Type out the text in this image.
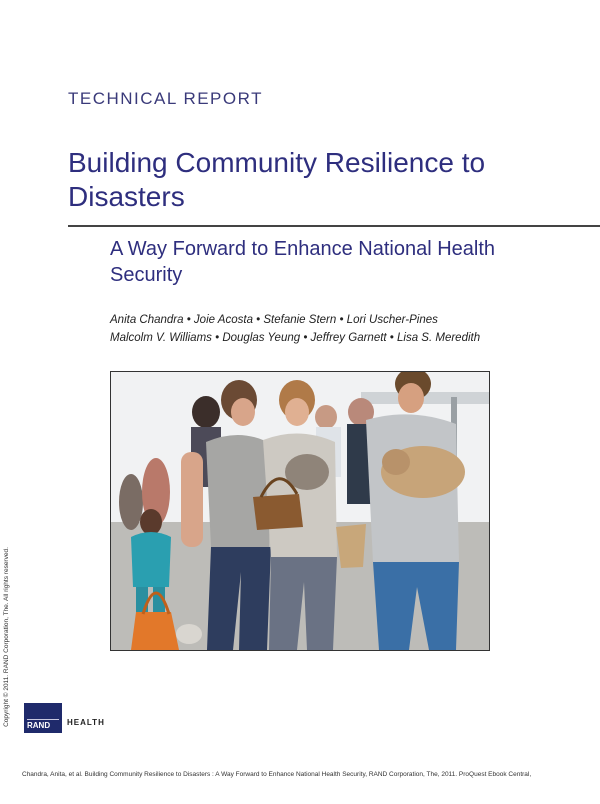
TECHNICAL REPORT
Building Community Resilience to Disasters
A Way Forward to Enhance National Health Security
Anita Chandra • Joie Acosta • Stefanie Stern • Lori Uscher-Pines
Malcolm V. Williams • Douglas Yeung • Jeffrey Garnett • Lisa S. Meredith
Copyright © 2011. RAND Corporation, The. All rights reserved.	RAND HEALTH
Chandra, Anita, et al. Building Community Resilience to Disasters : A Way Forward to Enhance National Health Security, RAND Corporation, The, 2011. ProQuest Ebook Central,
